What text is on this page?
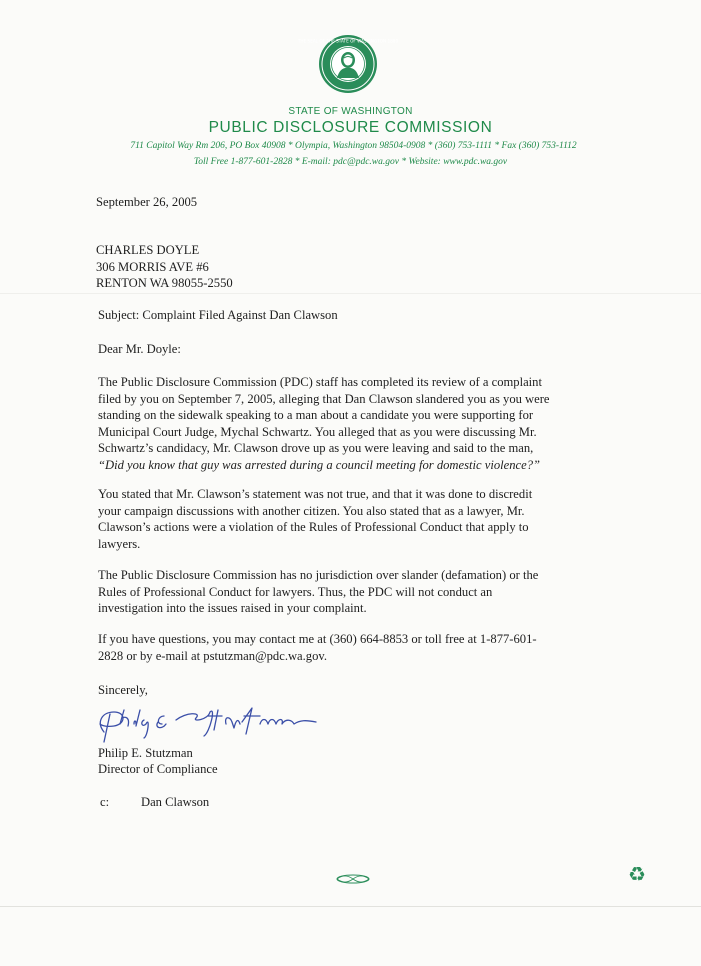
THE SEAL OF THE STATE OF WASHINGTON 1889
STATE OF WASHINGTON
PUBLIC DISCLOSURE COMMISSION
711 Capitol Way Rm 206, PO Box 40908 * Olympia, Washington 98504-0908 * (360) 753-1111 * Fax (360) 753-1112
Toll Free 1-877-601-2828 * E-mail: pdc@pdc.wa.gov * Website: www.pdc.wa.gov
September 26, 2005
CHARLES DOYLE
306 MORRIS AVE #6
RENTON WA 98055-2550
Subject: Complaint Filed Against Dan Clawson
Dear Mr. Doyle:
The Public Disclosure Commission (PDC) staff has completed its review of a complaint
filed by you on September 7, 2005, alleging that Dan Clawson slandered you as you were
standing on the sidewalk speaking to a man about a candidate you were supporting for
Municipal Court Judge, Mychal Schwartz. You alleged that as you were discussing Mr.
Schwartz’s candidacy, Mr. Clawson drove up as you were leaving and said to the man,
“Did you know that guy was arrested during a council meeting for domestic violence?”
You stated that Mr. Clawson’s statement was not true, and that it was done to discredit
your campaign discussions with another citizen. You also stated that as a lawyer, Mr.
Clawson’s actions were a violation of the Rules of Professional Conduct that apply to
lawyers.
The Public Disclosure Commission has no jurisdiction over slander (defamation) or the
Rules of Professional Conduct for lawyers. Thus, the PDC will not conduct an
investigation into the issues raised in your complaint.
If you have questions, you may contact me at (360) 664-8853 or toll free at 1-877-601-
2828 or by e-mail at pstutzman@pdc.wa.gov.
Sincerely,
Philip E. Stutzman
Director of Compliance
c:	Dan Clawson
♻
